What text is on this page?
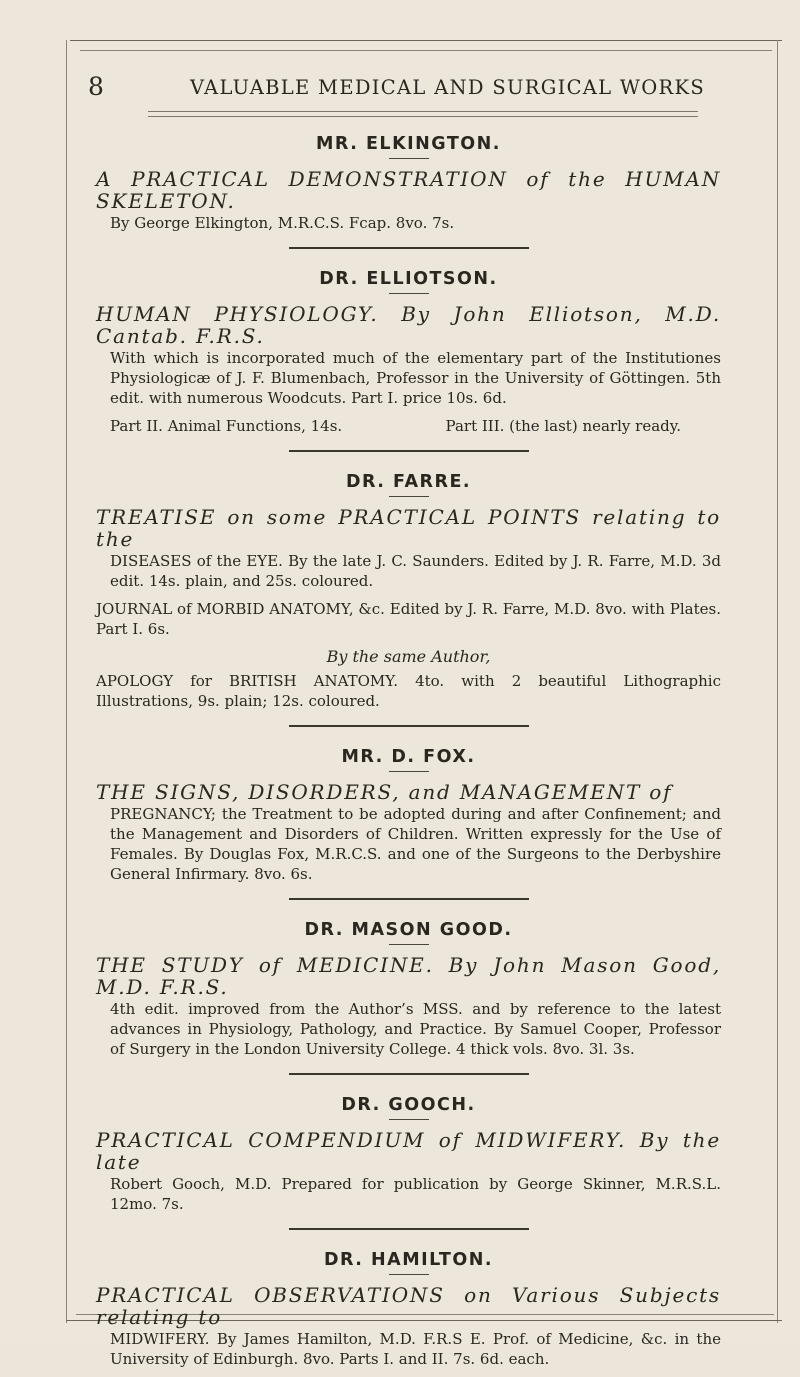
8	VALUABLE MEDICAL AND SURGICAL WORKS
MR. ELKINGTON.
A PRACTICAL DEMONSTRATION of the HUMAN SKELETON.
By George Elkington, M.R.C.S. Fcap. 8vo. 7s.
DR. ELLIOTSON.
HUMAN PHYSIOLOGY. By John Elliotson, M.D. Cantab. F.R.S.
With which is incorporated much of the elementary part of the Institutiones Physiologicæ of J. F. Blumenbach, Professor in the University of Göttingen. 5th edit. with numerous Woodcuts. Part I. price 10s. 6d.
Part II. Animal Functions, 14s.	Part III. (the last) nearly ready.
DR. FARRE.
TREATISE on some PRACTICAL POINTS relating to the
DISEASES of the EYE. By the late J. C. Saunders. Edited by J. R. Farre, M.D. 3d edit. 14s. plain, and 25s. coloured.
JOURNAL of MORBID ANATOMY, &c. Edited by J. R. Farre, M.D. 8vo. with Plates. Part I. 6s.
By the same Author,
APOLOGY for BRITISH ANATOMY. 4to. with 2 beautiful Lithographic Illustrations, 9s. plain; 12s. coloured.
MR. D. FOX.
THE SIGNS, DISORDERS, and MANAGEMENT of
PREGNANCY; the Treatment to be adopted during and after Confinement; and the Management and Disorders of Children. Written expressly for the Use of Females. By Douglas Fox, M.R.C.S. and one of the Surgeons to the Derbyshire General Infirmary. 8vo. 6s.
DR. MASON GOOD.
THE STUDY of MEDICINE. By John Mason Good, M.D. F.R.S.
4th edit. improved from the Author’s MSS. and by reference to the latest advances in Physiology, Pathology, and Practice. By Samuel Cooper, Professor of Surgery in the London University College. 4 thick vols. 8vo. 3l. 3s.
DR. GOOCH.
PRACTICAL COMPENDIUM of MIDWIFERY. By the late
Robert Gooch, M.D. Prepared for publication by George Skinner, M.R.S.L. 12mo. 7s.
DR. HAMILTON.
PRACTICAL OBSERVATIONS on Various Subjects relating to
MIDWIFERY. By James Hamilton, M.D. F.R.S E. Prof. of Medicine, &c. in the University of Edinburgh. 8vo. Parts I. and II. 7s. 6d. each.
